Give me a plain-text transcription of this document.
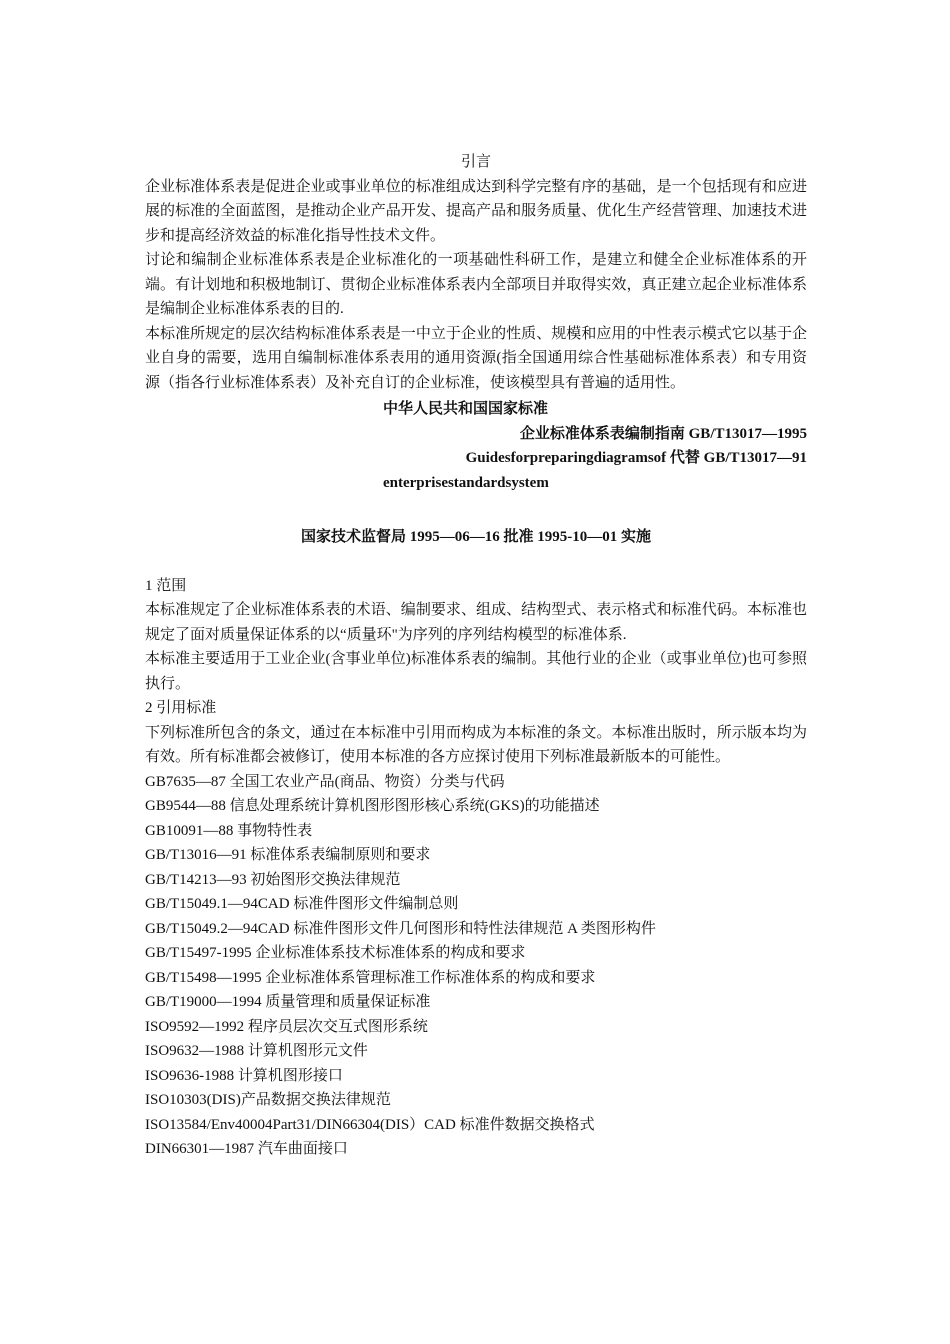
引言

企业标准体系表是促进企业或事业单位的标准组成达到科学完整有序的基础，是一个包括现有和应进展的标准的全面蓝图，是推动企业产品开发、提高产品和服务质量、优化生产经营管理、加速技术进步和提高经济效益的标准化指导性技术文件。

讨论和编制企业标准体系表是企业标准化的一项基础性科研工作，是建立和健全企业标准体系的开端。有计划地和积极地制订、贯彻企业标准体系表内全部项目并取得实效，真正建立起企业标准体系是编制企业标准体系表的目的.

本标准所规定的层次结构标准体系表是一中立于企业的性质、规模和应用的中性表示模式它以基于企业自身的需要，选用自编制标准体系表用的通用资源(指全国通用综合性基础标准体系表）和专用资源（指各行业标准体系表）及补充自订的企业标准，使该模型具有普遍的适用性。

中华人民共和国国家标准
企业标准体系表编制指南 GB/T13017—1995
Guidesforpreparingdiagramsof 代替 GB/T13017—91
enterprisestandardsystem
国家技术监督局 1995—06—16 批准 1995-10—01 实施
1 范围

本标准规定了企业标准体系表的术语、编制要求、组成、结构型式、表示格式和标准代码。本标准也规定了面对质量保证体系的以“质量环"为序列的序列结构模型的标准体系.

本标准主要适用于工业企业(含事业单位)标准体系表的编制。其他行业的企业（或事业单位)也可参照执行。

2 引用标准

下列标准所包含的条文，通过在本标准中引用而构成为本标准的条文。本标准出版时，所示版本均为有效。所有标准都会被修订，使用本标准的各方应探讨使用下列标准最新版本的可能性。

GB7635—87 全国工农业产品(商品、物资）分类与代码
GB9544—88 信息处理系统计算机图形图形核心系统(GKS)的功能描述
GB10091—88 事物特性表
GB/T13016—91 标准体系表编制原则和要求
GB/T14213—93 初始图形交换法律规范
GB/T15049.1—94CAD 标准件图形文件编制总则
GB/T15049.2—94CAD 标准件图形文件几何图形和特性法律规范 A 类图形构件
GB/T15497-1995 企业标准体系技术标准体系的构成和要求
GB/T15498—1995 企业标准体系管理标准工作标准体系的构成和要求
GB/T19000—1994 质量管理和质量保证标准
ISO9592—1992 程序员层次交互式图形系统
ISO9632—1988 计算机图形元文件
ISO9636-1988 计算机图形接口
ISO10303(DIS)产品数据交换法律规范
ISO13584/Env40004Part31/DIN66304(DIS）CAD 标准件数据交换格式
DIN66301—1987 汽车曲面接口
